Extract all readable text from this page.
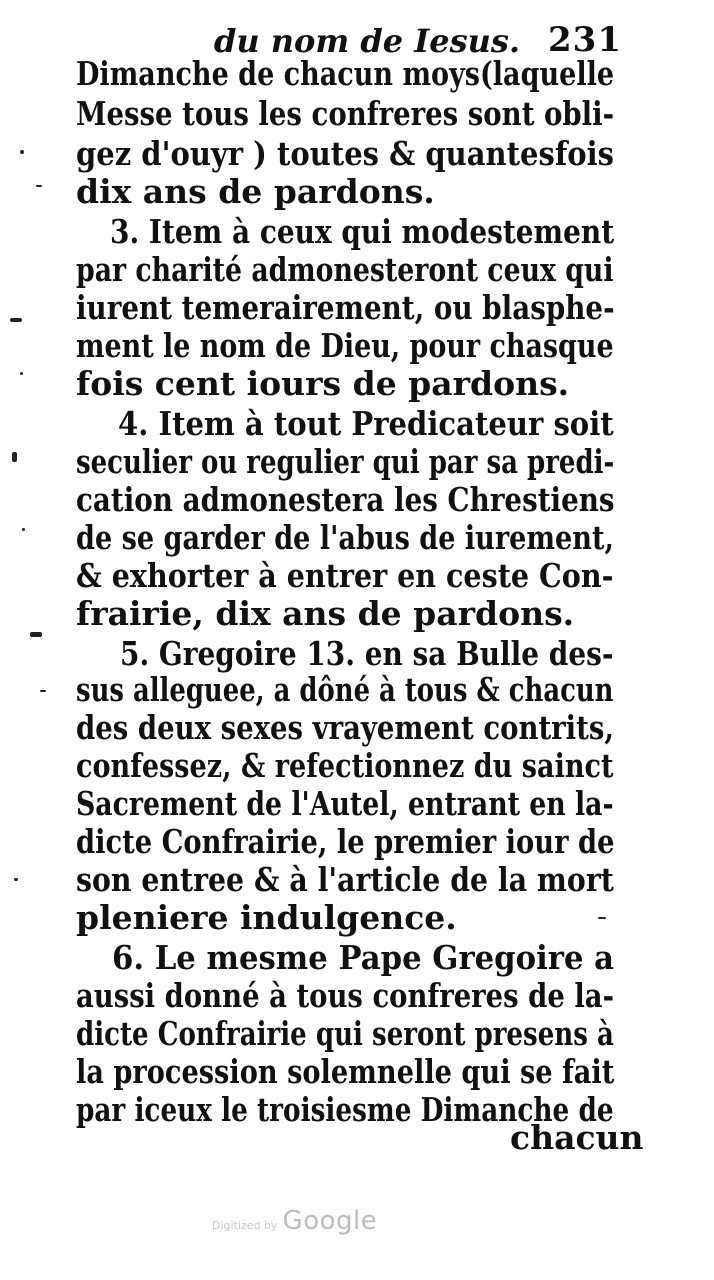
du nom de Iesus. 231
Dimanche de chacun moys(laquelle
Messe tous les confreres sont obli-
gez d'ouyr ) toutes & quantesfois
dix ans de pardons.
3. Item à ceux qui modestement
par charité admonesteront ceux qui
iurent temerairement, ou blasphe-
ment le nom de Dieu, pour chasque
fois cent iours de pardons.
4. Item à tout Predicateur soit
seculier ou regulier qui par sa predi-
cation admonestera les Chrestiens
de se garder de l'abus de iurement,
& exhorter à entrer en ceste Con-
frairie, dix ans de pardons.
5. Gregoire 13. en sa Bulle des-
sus alleguee, a dôné à tous & chacun
des deux sexes vrayement contrits,
confessez, & refectionnez du sainct
Sacrement de l'Autel, entrant en la-
dicte Confrairie, le premier iour de
son entree & à l'article de la mort
pleniere indulgence.
6. Le mesme Pape Gregoire a
aussi donné à tous confreres de la-
dicte Confrairie qui seront presens à
la procession solemnelle qui se fait
par iceux le troisiesme Dimanche de
chacun
Digitized by Google
